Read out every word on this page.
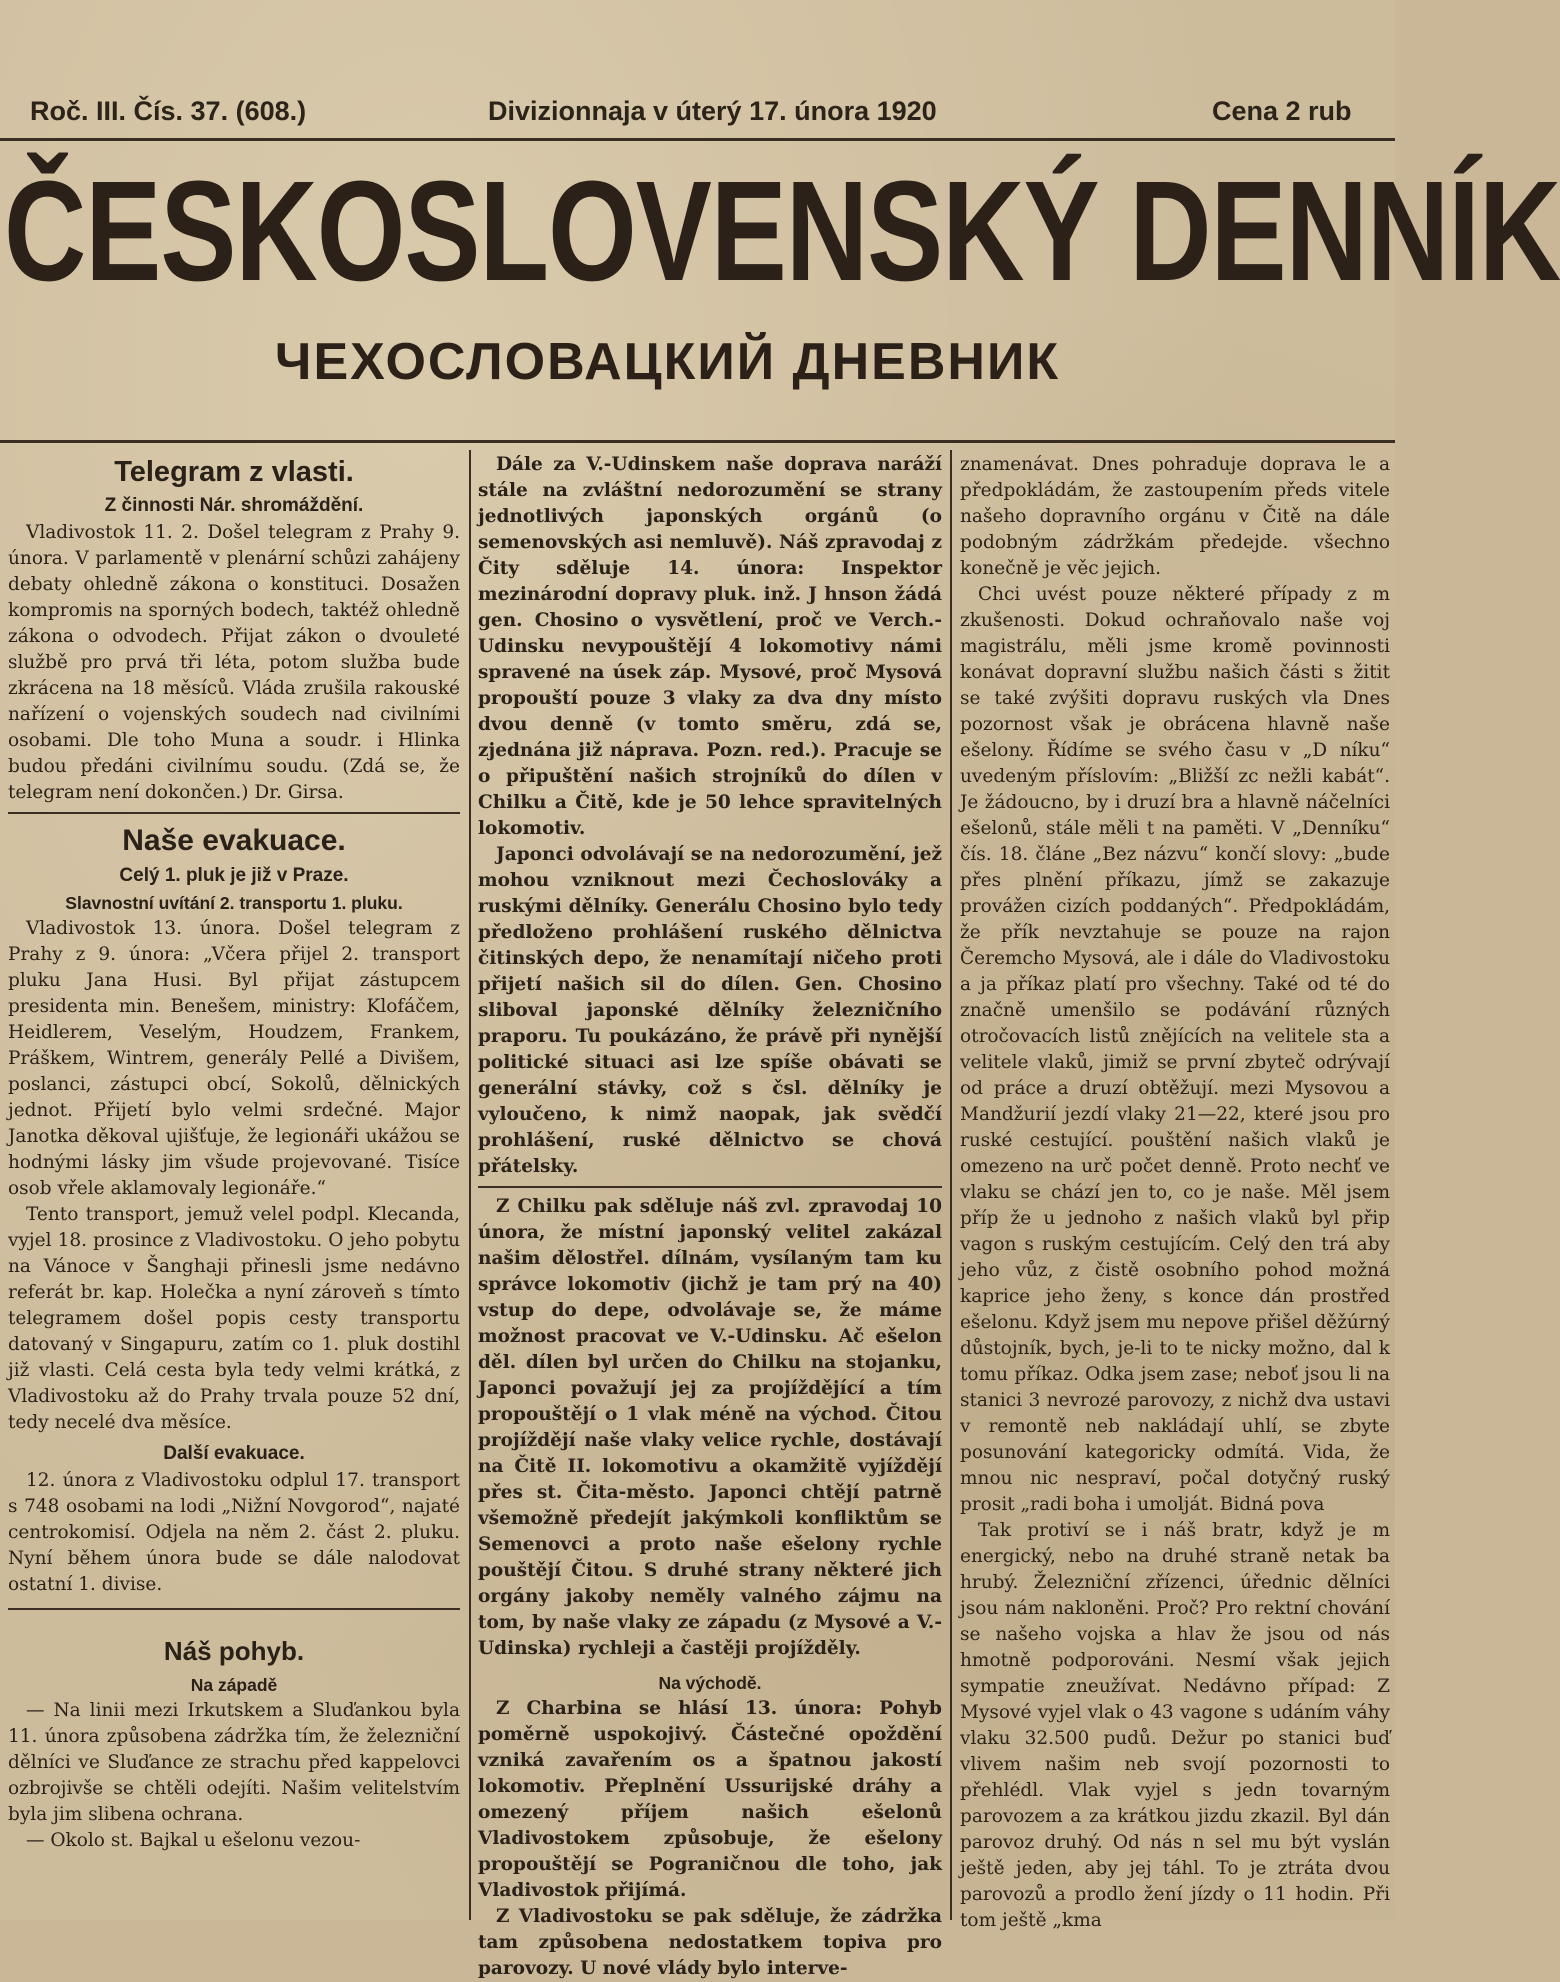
Roč. III. Čís. 37. (608.)	Divizionnaja v úterý 17. února 1920	Cena 2 rub
ČESKOSLOVENSKÝ DENNÍK
ЧЕХОСЛОВАЦКИЙ ДНЕВНИК
Telegram z vlasti.
Z činnosti Nár. shromáždění.

Vladivostok 11. 2. Došel telegram z Prahy 9. února. V parlamentě v plenární schůzi zahájeny debaty ohledně zákona o konstituci. Dosažen kompromis na sporných bodech, taktéž ohledně zákona o odvodech. Přijat zákon o dvouleté službě pro prvá tři léta, potom služba bude zkrácena na 18 měsíců. Vláda zrušila rakouské nařízení o vojenských soudech nad civilními osobami. Dle toho Muna a soudr. i Hlinka budou předáni civilnímu soudu. (Zdá se, že telegram není dokončen.) Dr. Girsa.

Naše evakuace.
Celý 1. pluk je již v Praze.
Slavnostní uvítání 2. transportu 1. pluku.

Vladivostok 13. února. Došel telegram z Prahy z 9. února: „Včera přijel 2. transport pluku Jana Husi. Byl přijat zástupcem presidenta min. Benešem, ministry: Klofáčem, Heidlerem, Veselým, Houdzem, Frankem, Práškem, Wintrem, generály Pellé a Divišem, poslanci, zástupci obcí, Sokolů, dělnických jednot. Přijetí bylo velmi srdečné. Major Janotka děkoval ujišťuje, že legionáři ukážou se hodnými lásky jim všude projevované. Tisíce osob vřele aklamovaly legionáře.“

Tento transport, jemuž velel podpl. Klecanda, vyjel 18. prosince z Vladivostoku. O jeho pobytu na Vánoce v Šanghaji přinesli jsme nedávno referát br. kap. Holečka a nyní zároveň s tímto telegramem došel popis cesty transportu datovaný v Singapuru, zatím co 1. pluk dostihl již vlasti. Celá cesta byla tedy velmi krátká, z Vladivostoku až do Prahy trvala pouze 52 dní, tedy necelé dva měsíce.

Další evakuace.

12. února z Vladivostoku odplul 17. transport s 748 osobami na lodi „Nižní Novgorod“, najaté centrokomisí. Odjela na něm 2. část 2. pluku. Nyní během února bude se dále nalodovat ostatní 1. divise.

Náš pohyb.
Na západě

— Na linii mezi Irkutskem a Sluďankou byla 11. února způsobena zádržka tím, že železniční dělníci ve Sluďance ze strachu před kappelovci ozbrojivše se chtěli odejíti. Našim velitelstvím byla jim slibena ochrana.

— Okolo st. Bajkal u ešelonu vezou-

Dále za V.-Udinskem naše doprava naráží stále na zvláštní nedorozumění se strany jednotlivých japonských orgánů (o semenovských asi nemluvě). Náš zpravodaj z Čity sděluje 14. února: Inspektor mezinárodní dopravy pluk. inž. J hnson žádá gen. Chosino o vysvětlení, proč ve Verch.-Udinsku nevypouštějí 4 lokomotivy námi spravené na úsek záp. Mysové, proč Mysová propouští pouze 3 vlaky za dva dny místo dvou denně (v tomto směru, zdá se, zjednána již náprava. Pozn. red.). Pracuje se o připuštění našich strojníků do dílen v Chilku a Čitě, kde je 50 lehce spravitelných lokomotiv.

Japonci odvolávají se na nedorozumění, jež mohou vzniknout mezi Čechoslováky a ruskými dělníky. Generálu Chosino bylo tedy předloženo prohlášení ruského dělnictva čitinských depo, že nenamítají ničeho proti přijetí našich sil do dílen. Gen. Chosino sliboval japonské dělníky železničního praporu. Tu poukázáno, že právě při nynější politické situaci asi lze spíše obávati se generální stávky, což s čsl. dělníky je vyloučeno, k nimž naopak, jak svědčí prohlášení, ruské dělnictvo se chová přátelsky.

Z Chilku pak sděluje náš zvl. zpravodaj 10 února, že místní japonský velitel zakázal našim dělostřel. dílnám, vysílaným tam ku správce lokomotiv (jichž je tam prý na 40) vstup do depe, odvolávaje se, že máme možnost pracovat ve V.-Udinsku. Ač ešelon děl. dílen byl určen do Chilku na stojanku, Japonci považují jej za projíždějící a tím propouštějí o 1 vlak méně na východ. Čitou projíždějí naše vlaky velice rychle, dostávají na Čitě II. lokomotivu a okamžitě vyjíždějí přes st. Čita-město. Japonci chtějí patrně všemožně předejít jakýmkoli konfliktům se Semenovci a proto naše ešelony rychle pouštějí Čitou. S druhé strany některé jich orgány jakoby neměly valného zájmu na tom, by naše vlaky ze západu (z Mysové a V.-Udinska) rychleji a častěji projížděly.

Na východě.

Z Charbina se hlásí 13. února: Pohyb poměrně uspokojivý. Částečné opoždění vzniká zavařením os a špatnou jakostí lokomotiv. Přeplnění Ussurijské dráhy a omezený příjem našich ešelonů Vladivostokem způsobuje, že ešelony propouštějí se Pograničnou dle toho, jak Vladivostok přijímá.

Z Vladivostoku se pak sděluje, že zádržka tam způsobena nedostatkem topiva pro parovozy. U nové vlády bylo interve-

znamenávat. Dnes pohraduje doprava le a předpokládám, že zastoupením předs vitele našeho dopravního orgánu v Čitě na dále podobným zádržkám předejde. všechno konečně je věc jejich.

Chci uvést pouze některé případy z m zkušenosti. Dokud ochraňovalo naše voj magistrálu, měli jsme kromě povinnosti konávat dopravní službu našich části s žitit se také zvýšiti dopravu ruských vla Dnes pozornost však je obrácena hlavně naše ešelony. Řídíme se svého času v „D níku“ uvedeným příslovím: „Bližší zc nežli kabát“. Je žádoucno, by i druzí bra a hlavně náčelníci ešelonů, stále měli t na paměti. V „Denníku“ čís. 18. článe „Bez názvu“ končí slovy: „bude přes plnění příkazu, jímž se zakazuje provážen cizích poddaných“. Předpokládám, že přík nevztahuje se pouze na rajon Čeremcho Mysová, ale i dále do Vladivostoku a ja příkaz platí pro všechny. Také od té do značně umenšilo se podávání různých otročovacích listů znějících na velitele sta a velitele vlaků, jimiž se první zbyteč odrývají od práce a druzí obtěžují. mezi Mysovou a Mandžurií jezdí vlaky 21—22, které jsou pro ruské cestující. pouštění našich vlaků je omezeno na urč počet denně. Proto nechť ve vlaku se chází jen to, co je naše. Měl jsem příp že u jednoho z našich vlaků byl přip vagon s ruským cestujícím. Celý den trá aby jeho vůz, z čistě osobního pohod možná kaprice jeho ženy, s konce dán prostřed ešelonu. Když jsem mu nepove přišel děžúrný důstojník, bych, je-li to te nicky možno, dal k tomu příkaz. Odka jsem zase; neboť jsou li na stanici 3 nevrozé parovozy, z nichž dva ustavi v remontě neb nakládají uhlí, se zbyte posunování kategoricky odmítá. Vida, že mnou nic nespraví, počal dotyčný ruský prosit „radi boha i umolját. Bidná pova

Tak protiví se i náš bratr, když je m energický, nebo na druhé straně netak ba hrubý. Železniční zřízenci, úřednic dělníci jsou nám nakloněni. Proč? Pro rektní chování se našeho vojska a hlav že jsou od nás hmotně podporováni. Nesmí však jejich sympatie zneužívat. Nedávno případ: Z Mysové vyjel vlak o 43 vagone s udáním váhy vlaku 32.500 pudů. Dežur po stanici buď vlivem našim neb svojí pozornosti to přehlédl. Vlak vyjel s jedn tovarným parovozem a za krátkou jizdu zkazil. Byl dán parovoz druhý. Od nás n sel mu být vyslán ještě jeden, aby jej táhl. To je ztráta dvou parovozů a prodlo žení jízdy o 11 hodin. Při tom ještě „kma
